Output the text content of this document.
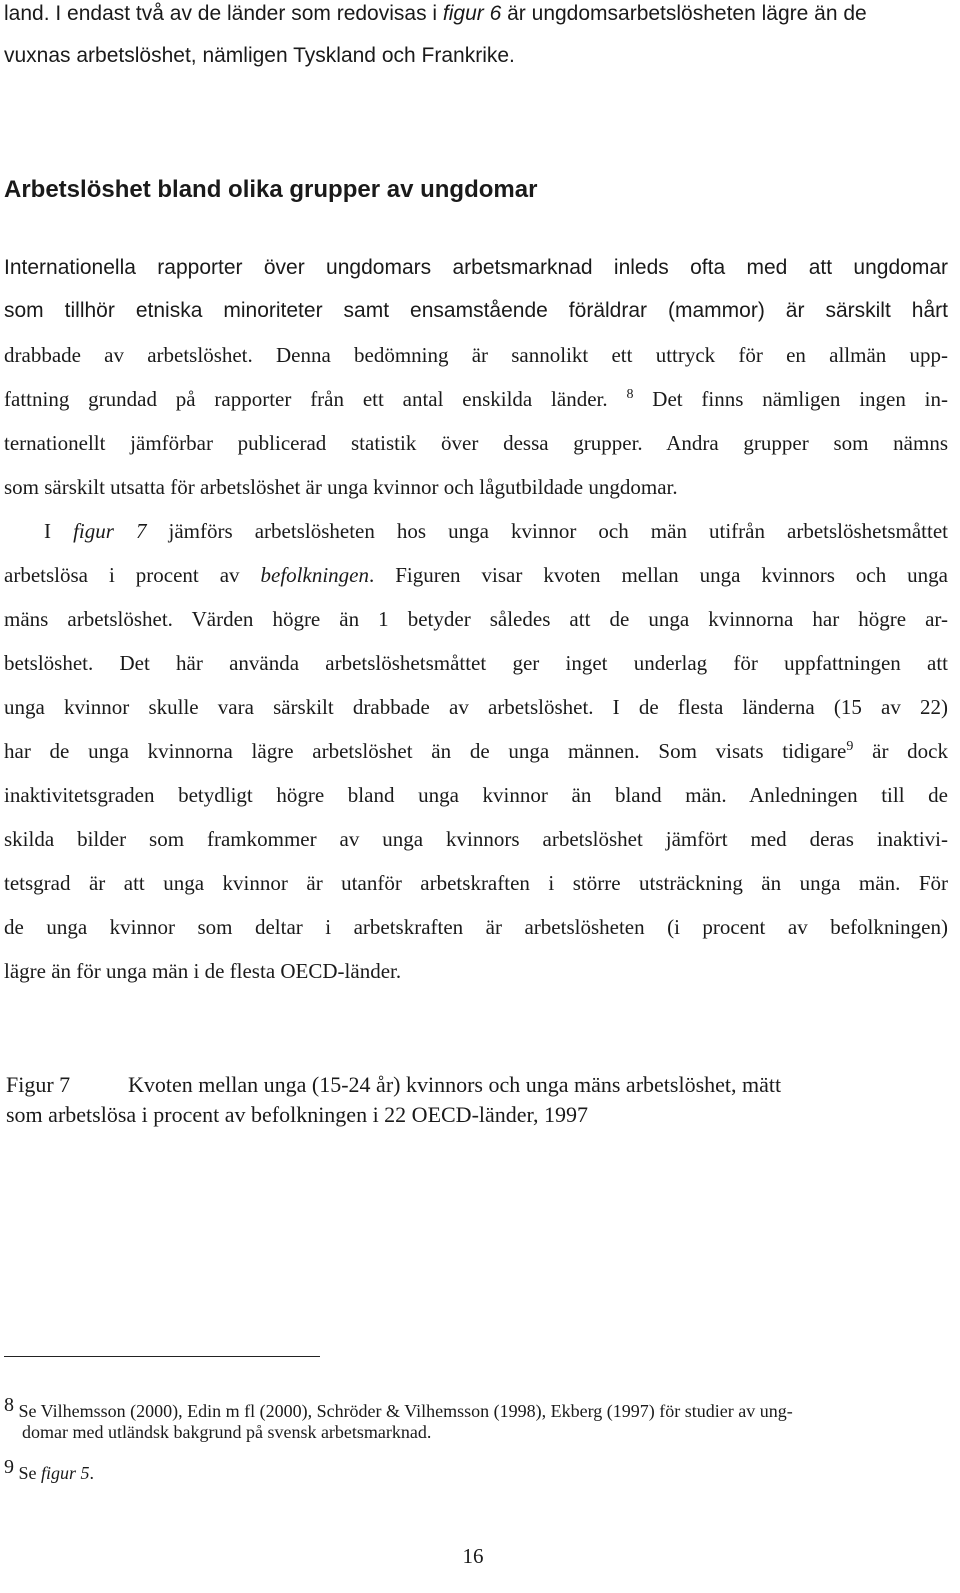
land. I endast två av de länder som redovisas i figur 6 är ungdomsarbetslösheten lägre än de
vuxnas arbetslöshet, nämligen Tyskland och Frankrike.
Arbetslöshet bland olika grupper av ungdomar
Internationella rapporter över ungdomars arbetsmarknad inleds ofta med att ungdomar
som tillhör etniska minoriteter samt ensamstående föräldrar (mammor) är särskilt hårt
drabbade av arbetslöshet. Denna bedömning är sannolikt ett uttryck för en allmän upp-
fattning grundad på rapporter från ett antal enskilda länder. $^8$ Det finns nämligen ingen in-
ternationellt jämförbar publicerad statistik över dessa grupper. Andra grupper som nämns
som särskilt utsatta för arbetslöshet är unga kvinnor och lågutbildade ungdomar.
I figur 7 jämförs arbetslösheten hos unga kvinnor och män utifrån arbetslöshetsmåttet
arbetslösa i procent av befolkningen. Figuren visar kvoten mellan unga kvinnors och unga
mäns arbetslöshet. Värden högre än 1 betyder således att de unga kvinnorna har högre ar-
betslöshet. Det här använda arbetslöshetsmåttet ger inget underlag för uppfattningen att
unga kvinnor skulle vara särskilt drabbade av arbetslöshet. I de flesta länderna (15 av 22)
har de unga kvinnorna lägre arbetslöshet än de unga männen. Som visats tidigare$^9$ är dock
inaktivitetsgraden betydligt högre bland unga kvinnor än bland män. Anledningen till de
skilda bilder som framkommer av unga kvinnors arbetslöshet jämfört med deras inaktivi-
tetsgrad är att unga kvinnor är utanför arbetskraften i större utsträckning än unga män. För
de unga kvinnor som deltar i arbetskraften är arbetslösheten (i procent av befolkningen)
lägre än för unga män i de flesta OECD-länder.
Figur 7	Kvoten mellan unga (15-24 år) kvinnors och unga mäns arbetslöshet, mätt
som arbetslösa i procent av befolkningen i 22 OECD-länder, 1997
8 Se Vilhemsson (2000), Edin m fl (2000), Schröder & Vilhemsson (1998), Ekberg (1997) för studier av ung-
domar med utländsk bakgrund på svensk arbetsmarknad.
9 Se figur 5.
16
